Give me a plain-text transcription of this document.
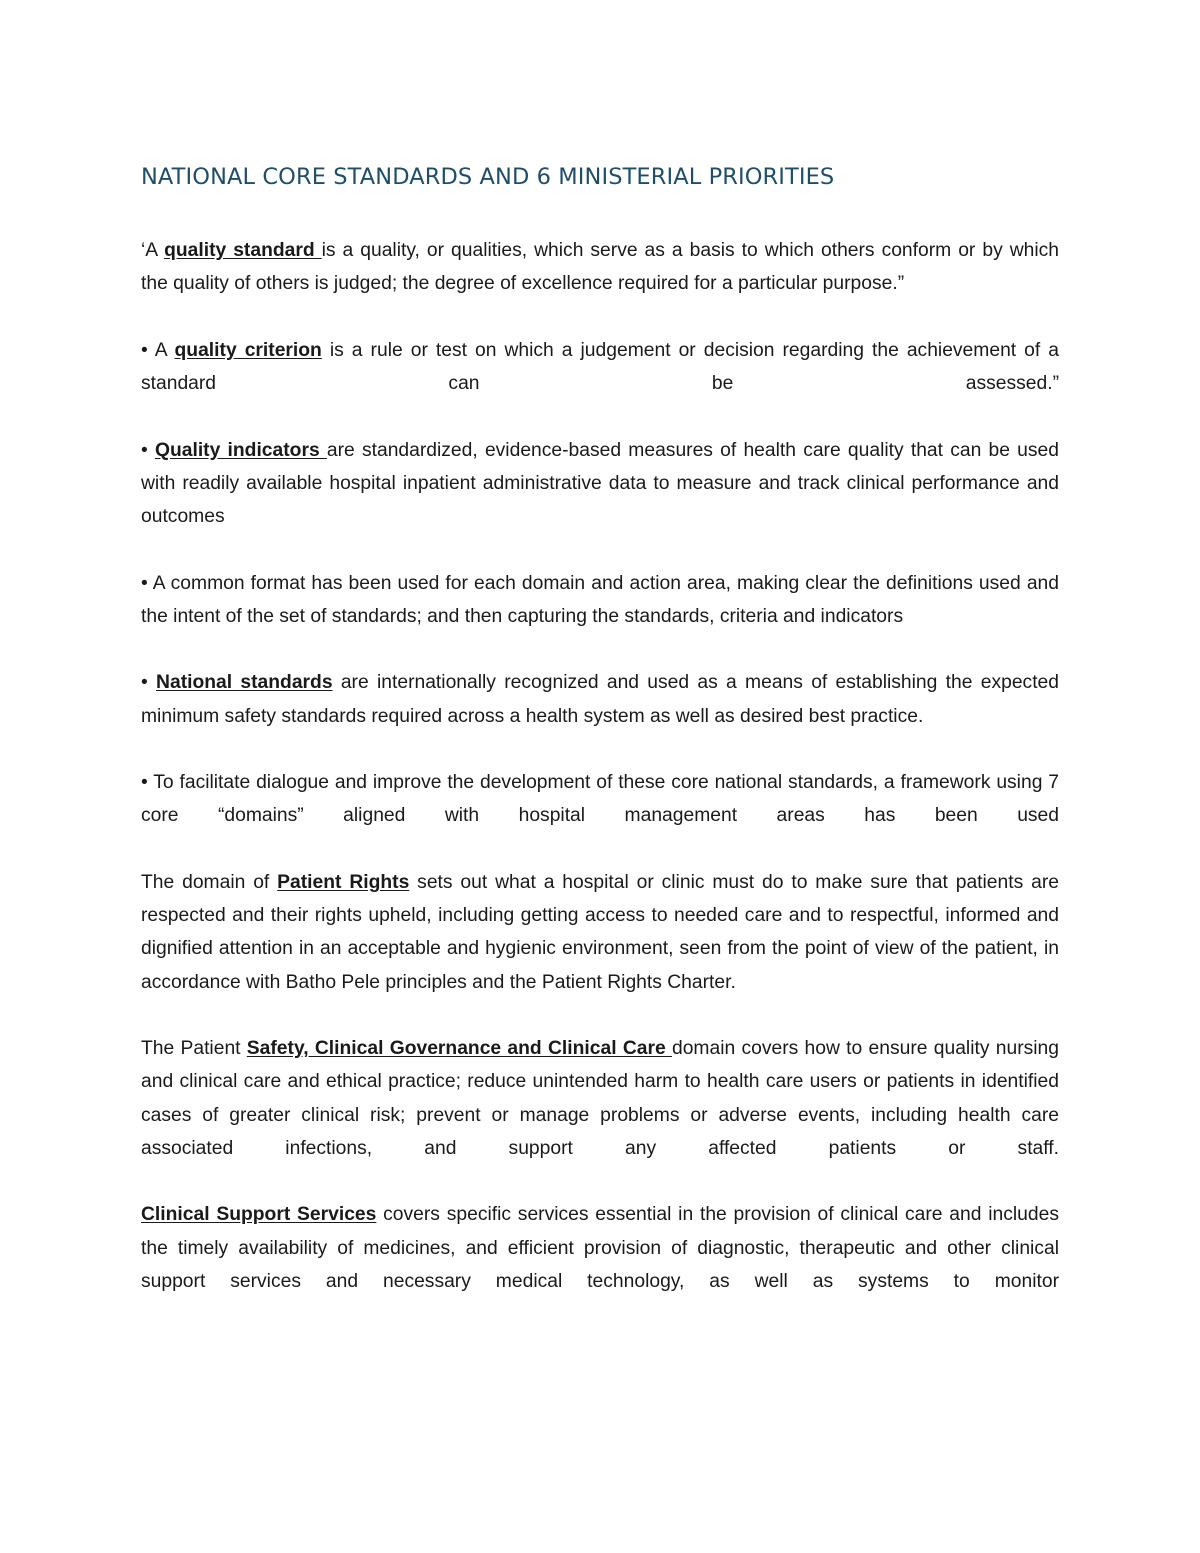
NATIONAL CORE STANDARDS AND 6 MINISTERIAL PRIORITIES

‘A quality standard is a quality, or qualities, which serve as a basis to which others conform or by which the quality of others is judged; the degree of excellence required for a particular purpose.”

• A quality criterion is a rule or test on which a judgement or decision regarding the achievement of a standard can be assessed.”

• Quality indicators are standardized, evidence-based measures of health care quality that can be used with readily available hospital inpatient administrative data to measure and track clinical performance and outcomes

• A common format has been used for each domain and action area, making clear the definitions used and the intent of the set of standards; and then capturing the standards, criteria and indicators

• National standards are internationally recognized and used as a means of establishing the expected minimum safety standards required across a health system as well as desired best practice.

• To facilitate dialogue and improve the development of these core national standards, a framework using 7 core “domains” aligned with hospital management areas has been used

The domain of Patient Rights sets out what a hospital or clinic must do to make sure that patients are respected and their rights upheld, including getting access to needed care and to respectful, informed and dignified attention in an acceptable and hygienic environment, seen from the point of view of the patient, in accordance with Batho Pele principles and the Patient Rights Charter.

The Patient Safety, Clinical Governance and Clinical Care domain covers how to ensure quality nursing and clinical care and ethical practice; reduce unintended harm to health care users or patients in identified cases of greater clinical risk; prevent or manage problems or adverse events, including health care associated infections, and support any affected patients or staff.

Clinical Support Services covers specific services essential in the provision of clinical care and includes the timely availability of medicines, and efficient provision of diagnostic, therapeutic and other clinical support services and necessary medical technology, as well as systems to monitor
